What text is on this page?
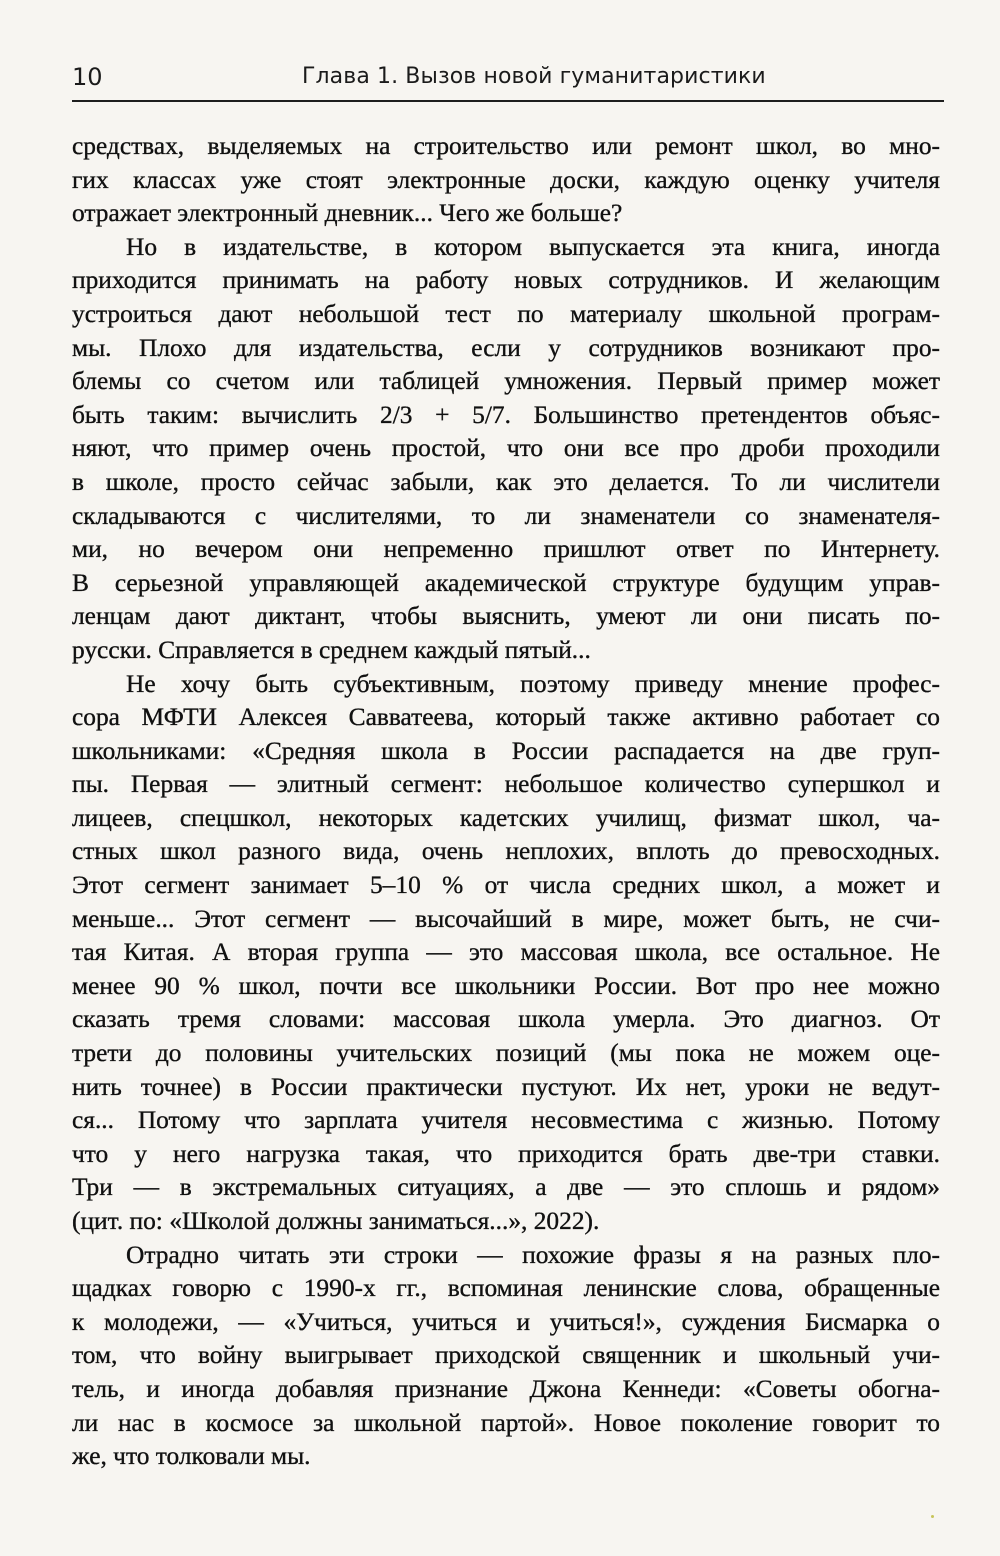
10	Глава 1. Вызов новой гуманитаристики
средствах, выделяемых на строительство или ремонт школ, во мно-
гих классах уже стоят электронные доски, каждую оценку учителя
отражает электронный дневник... Чего же больше?
Но в издательстве, в котором выпускается эта книга, иногда
приходится принимать на работу новых сотрудников. И желающим
устроиться дают небольшой тест по материалу школьной програм-
мы. Плохо для издательства, если у сотрудников возникают про-
блемы со счетом или таблицей умножения. Первый пример может
быть таким: вычислить 2/3 + 5/7. Большинство претендентов объяс-
няют, что пример очень простой, что они все про дроби проходили
в школе, просто сейчас забыли, как это делается. То ли числители
складываются с числителями, то ли знаменатели со знаменателя-
ми, но вечером они непременно пришлют ответ по Интернету.
В серьезной управляющей академической структуре будущим управ-
ленцам дают диктант, чтобы выяснить, умеют ли они писать по-
русски. Справляется в среднем каждый пятый...
Не хочу быть субъективным, поэтому приведу мнение профес-
сора МФТИ Алексея Савватеева, который также активно работает со
школьниками: «Средняя школа в России распадается на две груп-
пы. Первая — элитный сегмент: небольшое количество супершкол и
лицеев, спецшкол, некоторых кадетских училищ, физмат школ, ча-
стных школ разного вида, очень неплохих, вплоть до превосходных.
Этот сегмент занимает 5–10 % от числа средних школ, а может и
меньше... Этот сегмент — высочайший в мире, может быть, не счи-
тая Китая. А вторая группа — это массовая школа, все остальное. Не
менее 90 % школ, почти все школьники России. Вот про нее можно
сказать тремя словами: массовая школа умерла. Это диагноз. От
трети до половины учительских позиций (мы пока не можем оце-
нить точнее) в России практически пустуют. Их нет, уроки не ведут-
ся... Потому что зарплата учителя несовместима с жизнью. Потому
что у него нагрузка такая, что приходится брать две-три ставки.
Три — в экстремальных ситуациях, а две — это сплошь и рядом»
(цит. по: «Школой должны заниматься...», 2022).
Отрадно читать эти строки — похожие фразы я на разных пло-
щадках говорю с 1990-х гг., вспоминая ленинские слова, обращенные
к молодежи, — «Учиться, учиться и учиться!», суждения Бисмарка о
том, что войну выигрывает приходской священник и школьный учи-
тель, и иногда добавляя признание Джона Кеннеди: «Советы обогна-
ли нас в космосе за школьной партой». Новое поколение говорит то
же, что толковали мы.
